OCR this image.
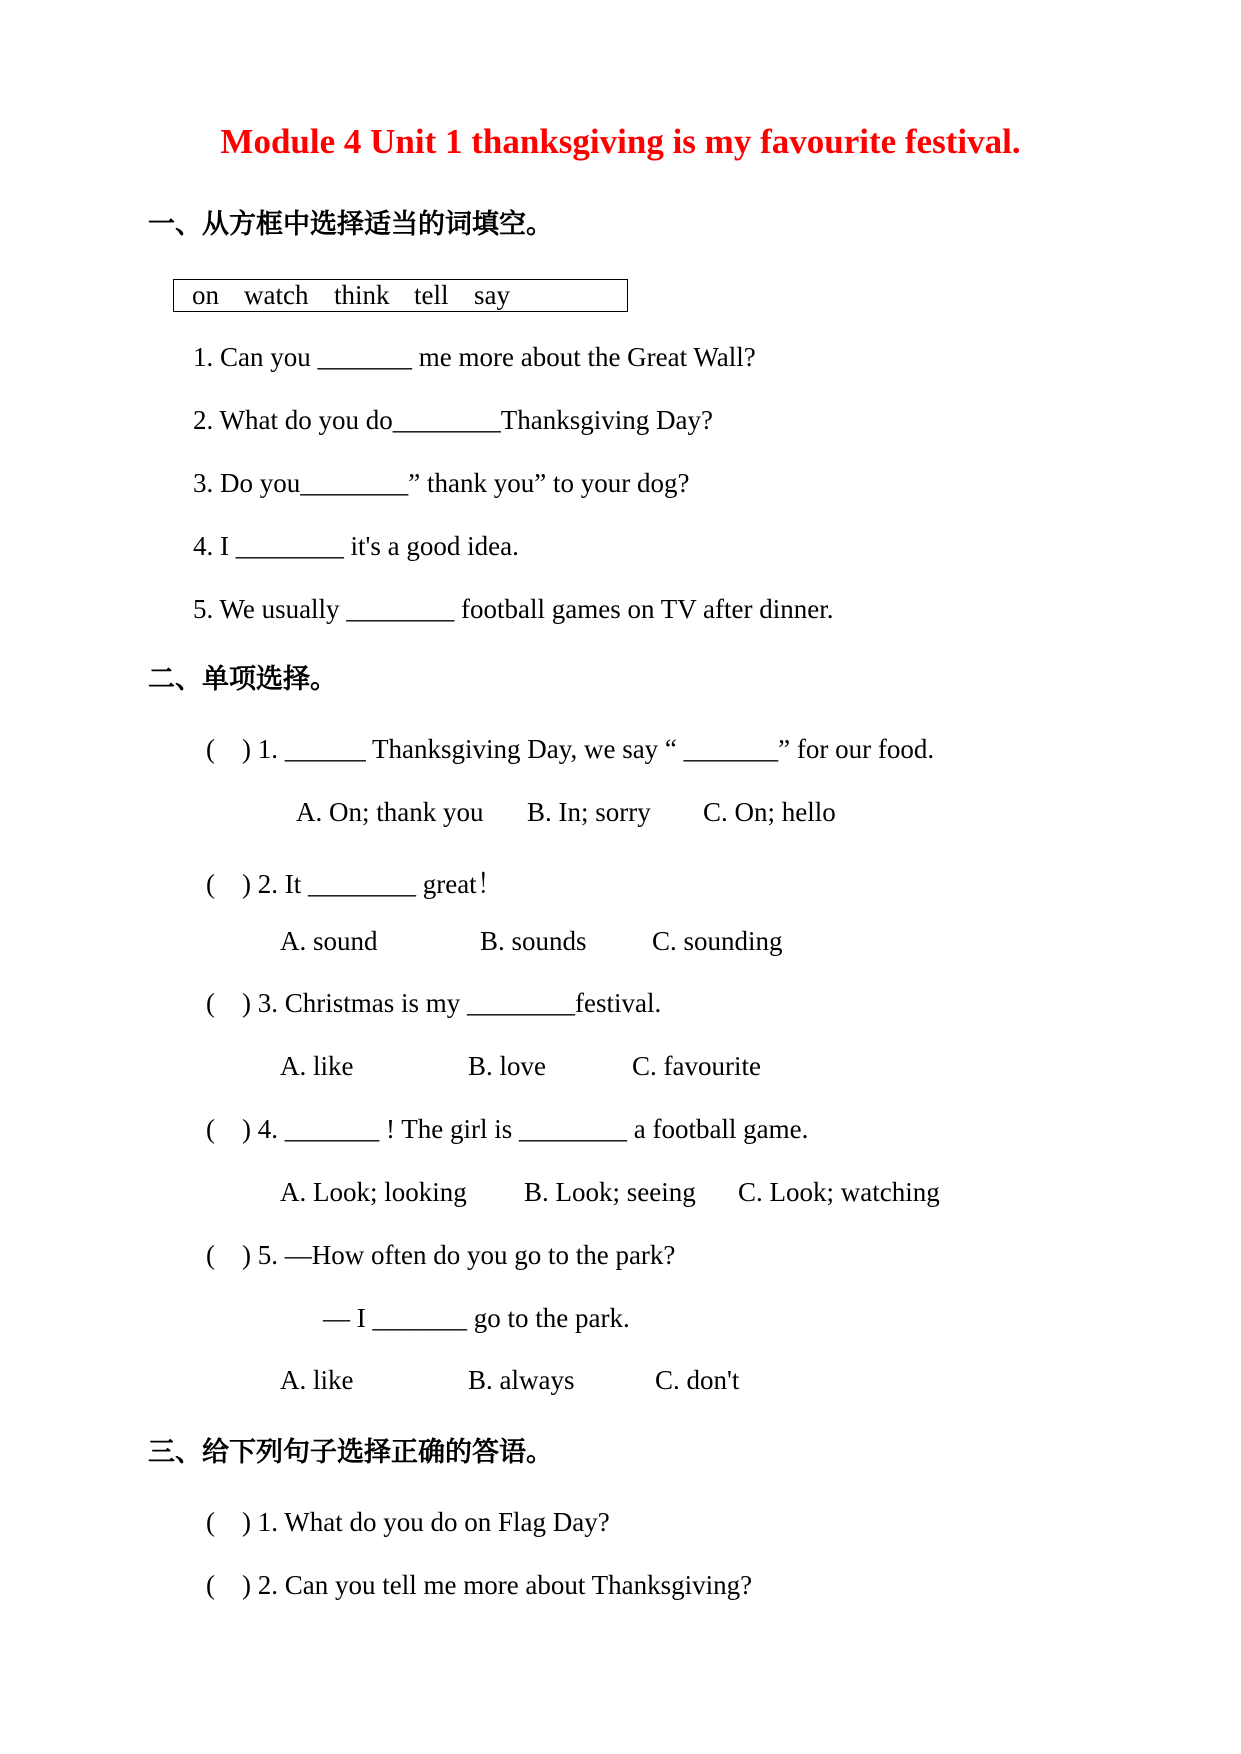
Module 4 Unit 1 thanksgiving is my favourite festival.
一、从方框中选择适当的词填空。
on watch think tell say
1. Can you _______ me more about the Great Wall?
2. What do you do________Thanksgiving Day?
3. Do you________” thank you” to your dog?
4. I ________ it's a good idea.
5. We usually ________ football games on TV after dinner.
二、单项选择。
(    ) 1. ______ Thanksgiving Day, we say “ _______” for our food.
A. On; thank you B. In; sorry C. On; hello
(    ) 2. It ________ great！
A. sound	B. sounds C. sounding
(    ) 3. Christmas is my ________festival.
A. like	B. love	C. favourite
(    ) 4. _______ ! The girl is ________ a football game.
A. Look; looking B. Look; seeing C. Look; watching
(    ) 5. —How often do you go to the park?
— I _______ go to the park.
A. like	B. always	C. don't
三、给下列句子选择正确的答语。
(    ) 1. What do you do on Flag Day?
(    ) 2. Can you tell me more about Thanksgiving?
